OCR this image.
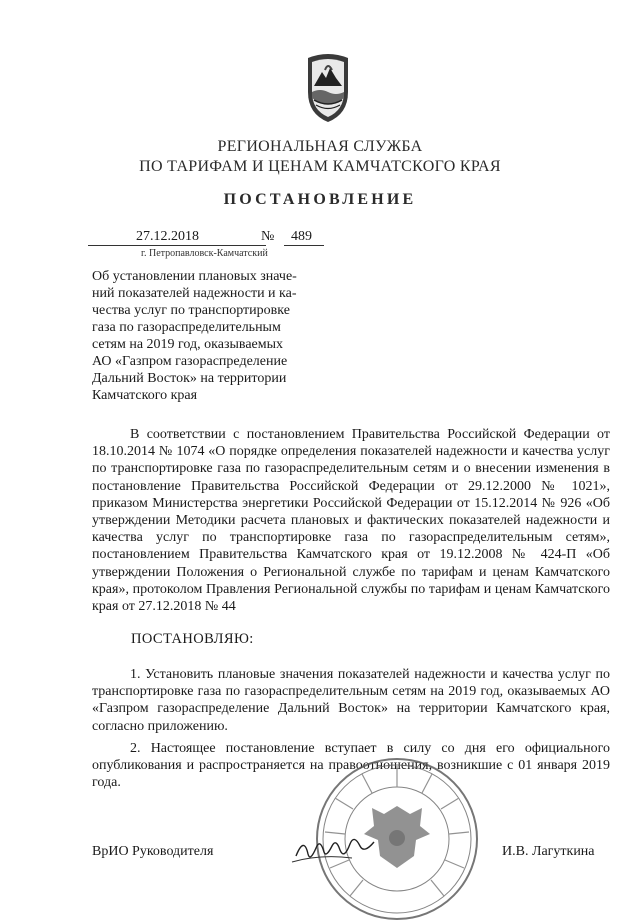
РЕГИОНАЛЬНАЯ СЛУЖБА
ПО ТАРИФАМ И ЦЕНАМ КАМЧАТСКОГО КРАЯ
ПОСТАНОВЛЕНИЕ
27.12.2018	№ 489
г. Петропавловск-Камчатский
Об установлении плановых значе-
ний показателей надежности и ка-
чества услуг по транспортировке
газа по газораспределительным
сетям на 2019 год, оказываемых
АО «Газпром газораспределение
Дальний Восток» на территории
Камчатского края
В соответствии с постановлением Правительства Российской Федерации от 18.10.2014 № 1074 «О порядке определения показателей надежности и качества услуг по транспортировке газа по газораспределительным сетям и о внесении изменения в постановление Правительства Российской Федерации от 29.12.2000 № 1021», приказом Министерства энергетики Российской Федерации от 15.12.2014 № 926 «Об утверждении Методики расчета плановых и фактических показателей надежности и качества услуг по транспортировке газа по газораспределительным сетям», постановлением Правительства Камчатского края от 19.12.2008 № 424-П «Об утверждении Положения о Региональной службе по тарифам и ценам Камчатского края», протоколом Правления Региональной службы по тарифам и ценам Камчатского края от 27.12.2018 № 44
ПОСТАНОВЛЯЮ:
1. Установить плановые значения показателей надежности и качества услуг по транспортировке газа по газораспределительным сетям на 2019 год, оказываемых АО «Газпром газораспределение Дальний Восток» на территории Камчатского края, согласно приложению.
2. Настоящее постановление вступает в силу со дня его официального опубликования и распространяется на правоотношения, возникшие с 01 января 2019 года.
ВрИО Руководителя	И.В. Лагуткина
